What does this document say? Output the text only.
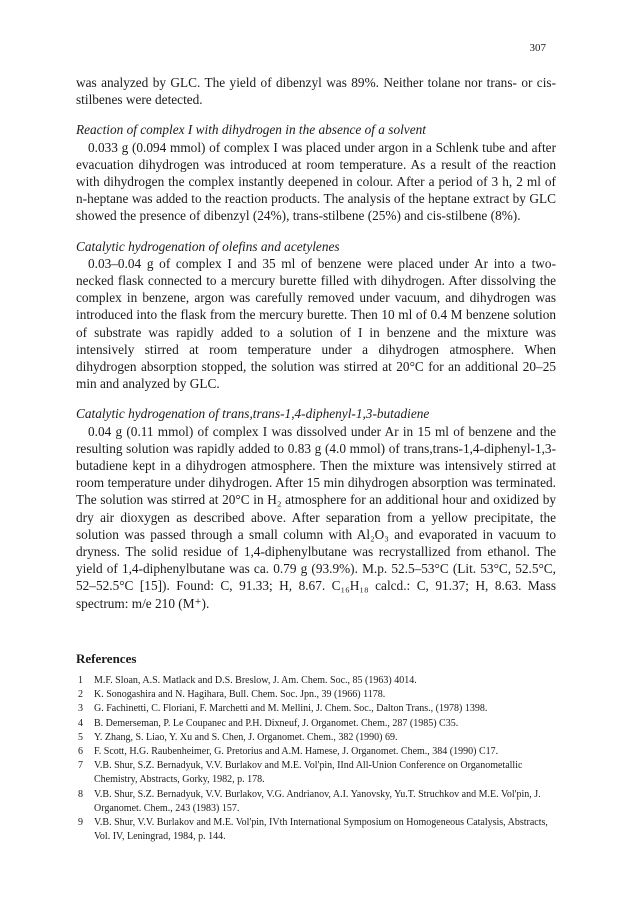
307

was analyzed by GLC. The yield of dibenzyl was 89%. Neither tolane nor trans- or cis-stilbenes were detected.

Reaction of complex I with dihydrogen in the absence of a solvent

0.033 g (0.094 mmol) of complex I was placed under argon in a Schlenk tube and after evacuation dihydrogen was introduced at room temperature. As a result of the reaction with dihydrogen the complex instantly deepened in colour. After a period of 3 h, 2 ml of n-heptane was added to the reaction products. The analysis of the heptane extract by GLC showed the presence of dibenzyl (24%), trans-stilbene (25%) and cis-stilbene (8%).

Catalytic hydrogenation of olefins and acetylenes

0.03–0.04 g of complex I and 35 ml of benzene were placed under Ar into a two-necked flask connected to a mercury burette filled with dihydrogen. After dissolving the complex in benzene, argon was carefully removed under vacuum, and dihydrogen was introduced into the flask from the mercury burette. Then 10 ml of 0.4 M benzene solution of substrate was rapidly added to a solution of I in benzene and the mixture was intensively stirred at room temperature under a dihydrogen atmosphere. When dihydrogen absorption stopped, the solution was stirred at 20°C for an additional 20–25 min and analyzed by GLC.

Catalytic hydrogenation of trans,trans-1,4-diphenyl-1,3-butadiene

0.04 g (0.11 mmol) of complex I was dissolved under Ar in 15 ml of benzene and the resulting solution was rapidly added to 0.83 g (4.0 mmol) of trans,trans-1,4-diphenyl-1,3-butadiene kept in a dihydrogen atmosphere. Then the mixture was intensively stirred at room temperature under dihydrogen. After 15 min dihydrogen absorption was terminated. The solution was stirred at 20°C in H₂ atmosphere for an additional hour and oxidized by dry air dioxygen as described above. After separation from a yellow precipitate, the solution was passed through a small column with Al₂O₃ and evaporated in vacuum to dryness. The solid residue of 1,4-diphenylbutane was recrystallized from ethanol. The yield of 1,4-diphenylbutane was ca. 0.79 g (93.9%). M.p. 52.5–53°C (Lit. 53°C, 52.5°C, 52–52.5°C [15]). Found: C, 91.33; H, 8.67. C₁₆H₁₈ calcd.: C, 91.37; H, 8.63. Mass spectrum: m/e 210 (M⁺).

References
1 M.F. Sloan, A.S. Matlack and D.S. Breslow, J. Am. Chem. Soc., 85 (1963) 4014.
2 K. Sonogashira and N. Hagihara, Bull. Chem. Soc. Jpn., 39 (1966) 1178.
3 G. Fachinetti, C. Floriani, F. Marchetti and M. Mellini, J. Chem. Soc., Dalton Trans., (1978) 1398.
4 B. Demerseman, P. Le Coupanec and P.H. Dixneuf, J. Organomet. Chem., 287 (1985) C35.
5 Y. Zhang, S. Liao, Y. Xu and S. Chen, J. Organomet. Chem., 382 (1990) 69.
6 F. Scott, H.G. Raubenheimer, G. Pretorius and A.M. Hamese, J. Organomet. Chem., 384 (1990) C17.
7 V.B. Shur, S.Z. Bernadyuk, V.V. Burlakov and M.E. Vol'pin, IInd All-Union Conference on Organometallic Chemistry, Abstracts, Gorky, 1982, p. 178.
8 V.B. Shur, S.Z. Bernadyuk, V.V. Burlakov, V.G. Andrianov, A.I. Yanovsky, Yu.T. Struchkov and M.E. Vol'pin, J. Organomet. Chem., 243 (1983) 157.
9 V.B. Shur, V.V. Burlakov and M.E. Vol'pin, IVth International Symposium on Homogeneous Catalysis, Abstracts, Vol. IV, Leningrad, 1984, p. 144.
